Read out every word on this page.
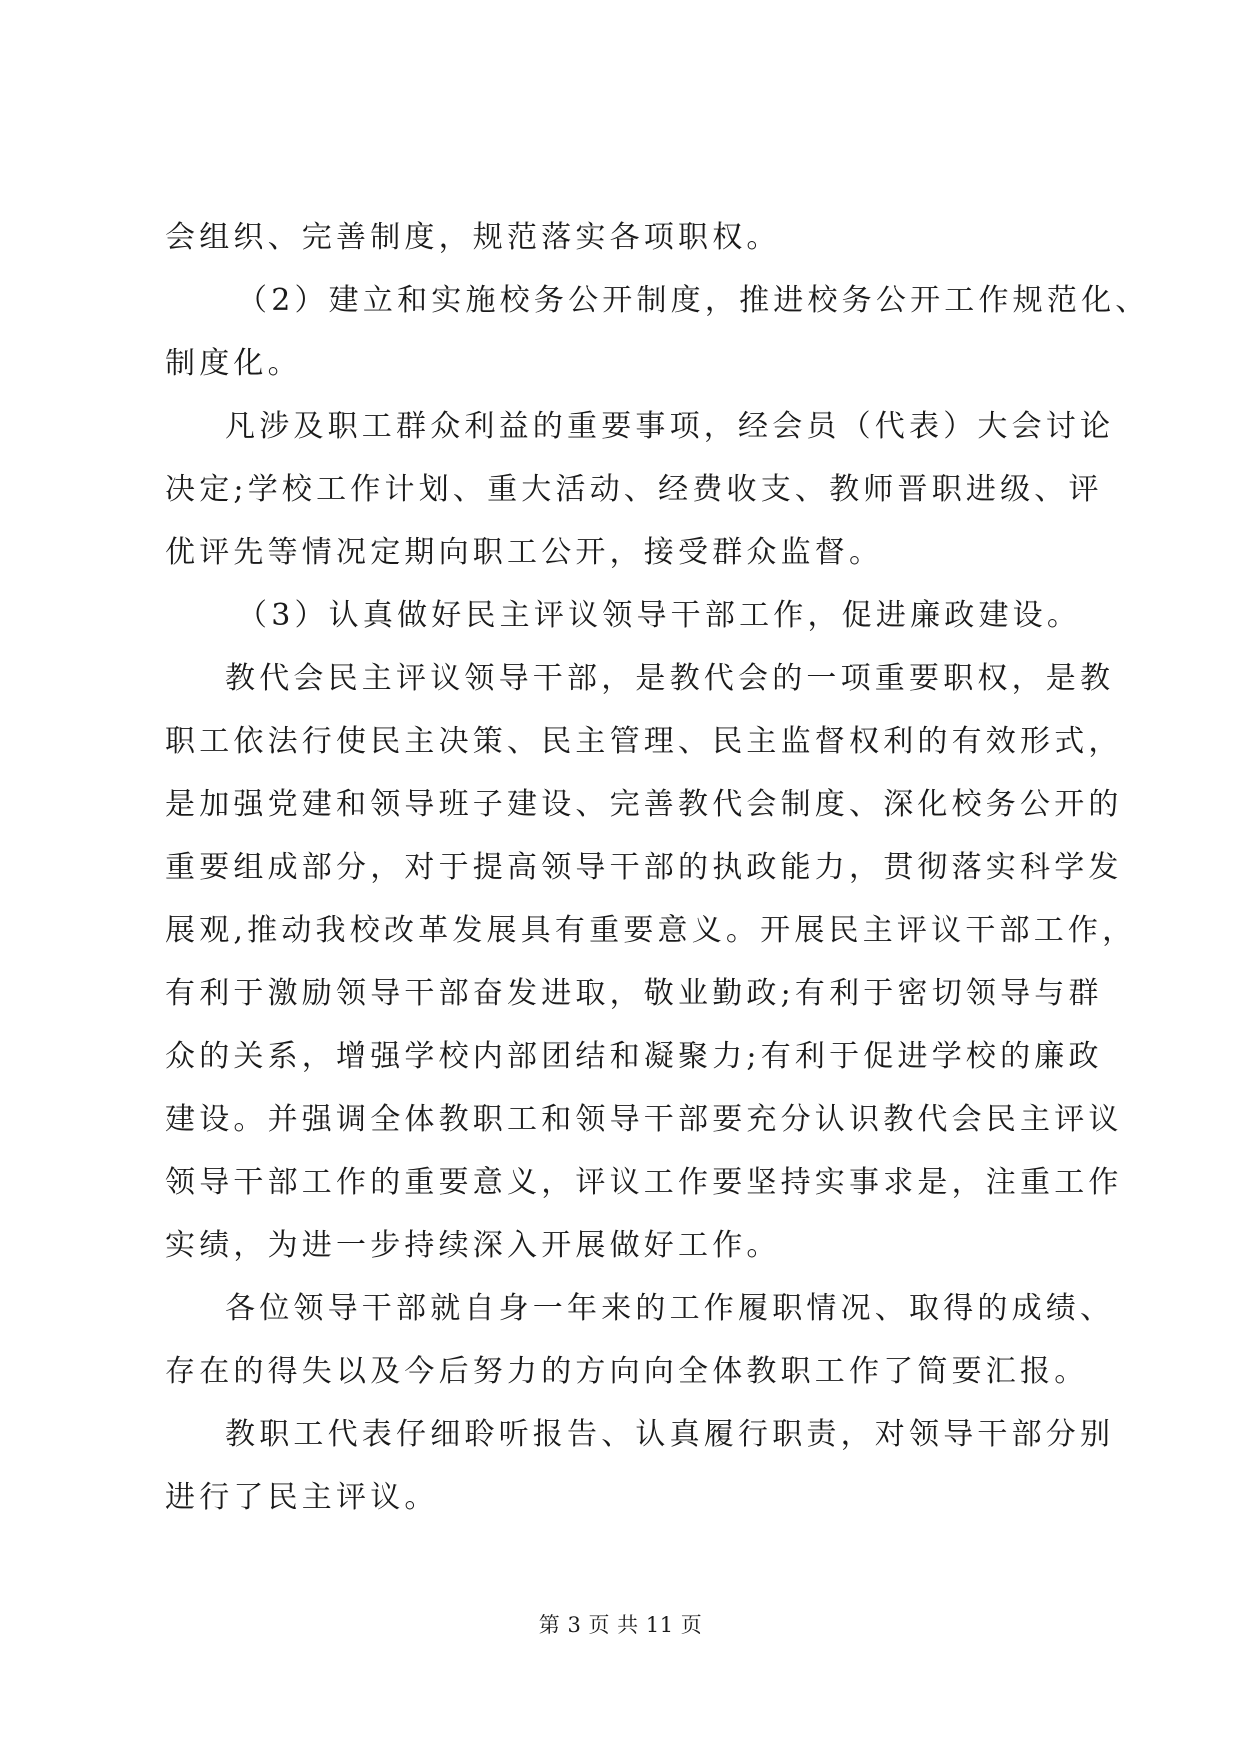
会组织、完善制度，规范落实各项职权。
（2）建立和实施校务公开制度，推进校务公开工作规范化、
制度化。
凡涉及职工群众利益的重要事项，经会员（代表）大会讨论
决定;学校工作计划、重大活动、经费收支、教师晋职进级、评
优评先等情况定期向职工公开，接受群众监督。
（3）认真做好民主评议领导干部工作，促进廉政建设。
教代会民主评议领导干部，是教代会的一项重要职权，是教
职工依法行使民主决策、民主管理、民主监督权利的有效形式，
是加强党建和领导班子建设、完善教代会制度、深化校务公开的
重要组成部分，对于提高领导干部的执政能力，贯彻落实科学发
展观,推动我校改革发展具有重要意义。开展民主评议干部工作，
有利于激励领导干部奋发进取，敬业勤政;有利于密切领导与群
众的关系，增强学校内部团结和凝聚力;有利于促进学校的廉政
建设。并强调全体教职工和领导干部要充分认识教代会民主评议
领导干部工作的重要意义，评议工作要坚持实事求是，注重工作
实绩，为进一步持续深入开展做好工作。
各位领导干部就自身一年来的工作履职情况、取得的成绩、
存在的得失以及今后努力的方向向全体教职工作了简要汇报。
教职工代表仔细聆听报告、认真履行职责，对领导干部分别
进行了民主评议。
第 3 页 共 11 页
